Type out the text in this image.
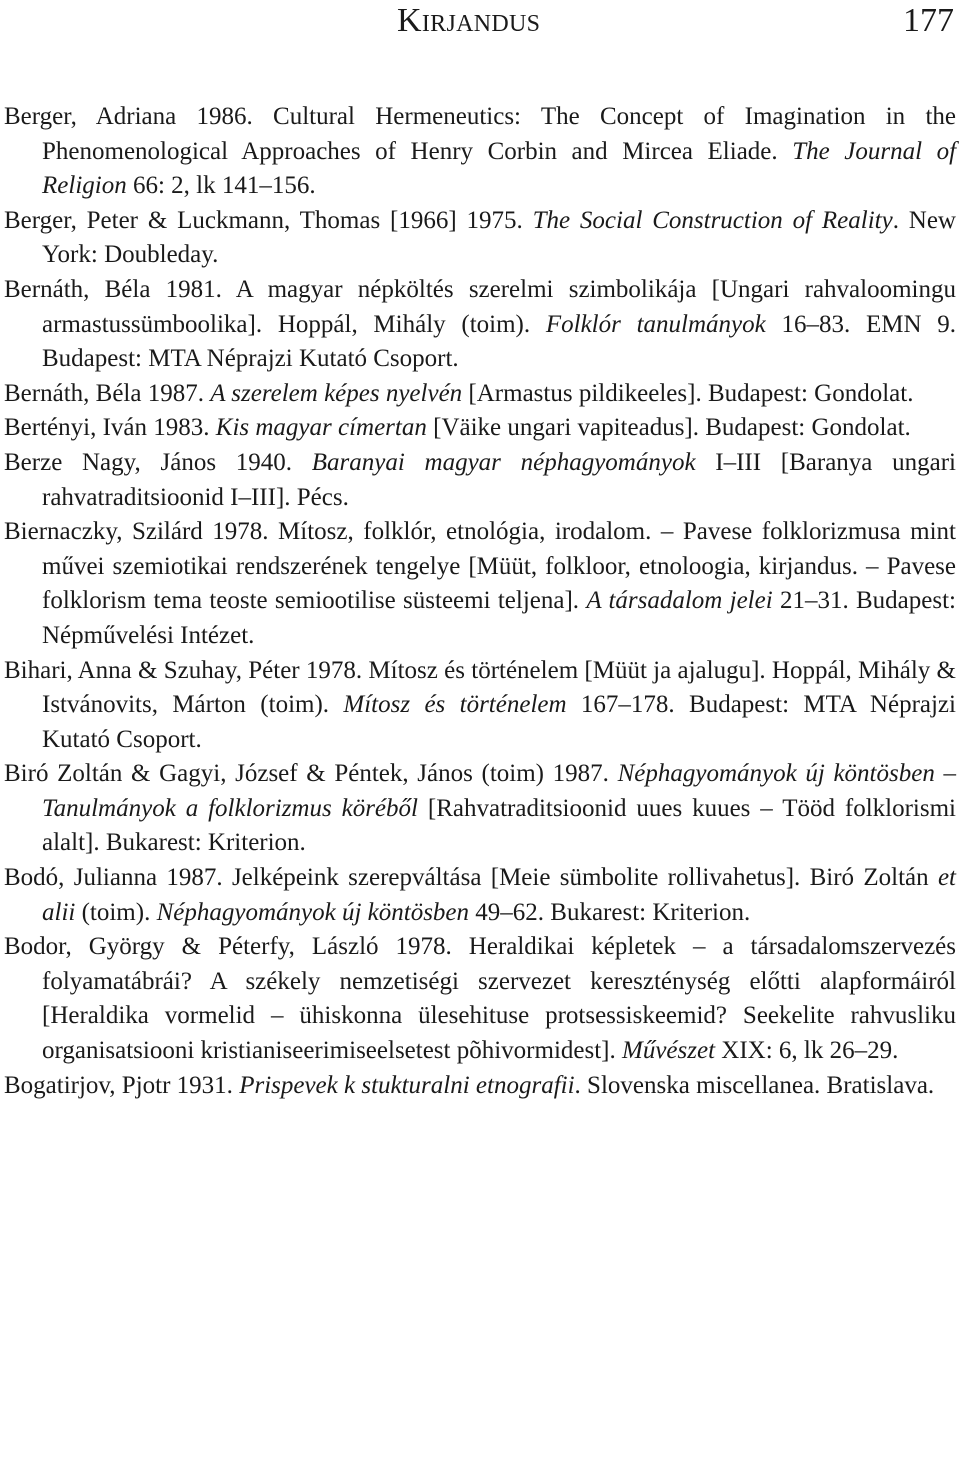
Kirjandus	177
Berger, Adriana 1986. Cultural Hermeneutics: The Concept of Imagination in the Phenomenological Approaches of Henry Corbin and Mircea Eliade. The Journal of Religion 66: 2, lk 141–156.
Berger, Peter & Luckmann, Thomas [1966] 1975. The Social Construction of Reality. New York: Doubleday.
Bernáth, Béla 1981. A magyar népköltés szerelmi szimbolikája [Ungari rahvaloomingu armastussümboolika]. Hoppál, Mihály (toim). Folklór tanulmányok 16–83. EMN 9. Budapest: MTA Néprajzi Kutató Csoport.
Bernáth, Béla 1987. A szerelem képes nyelvén [Armastus pildikeeles]. Budapest: Gondolat.
Bertényi, Iván 1983. Kis magyar címertan [Väike ungari vapiteadus]. Budapest: Gondolat.
Berze Nagy, János 1940. Baranyai magyar néphagyományok I–III [Baranya ungari rahvatraditsioonid I–III]. Pécs.
Biernaczky, Szilárd 1978. Mítosz, folklór, etnológia, irodalom. – Pavese folklorizmusa mint művei szemiotikai rendszerének tengelye [Müüt, folkloor, etnoloogia, kirjandus. – Pavese folklorism tema teoste semiootilise süsteemi teljena]. A társadalom jelei 21–31. Budapest: Népművelési Intézet.
Bihari, Anna & Szuhay, Péter 1978. Mítosz és történelem [Müüt ja ajalugu]. Hoppál, Mihály & Istvánovits, Márton (toim). Mítosz és történelem 167–178. Budapest: MTA Néprajzi Kutató Csoport.
Biró Zoltán & Gagyi, József & Péntek, János (toim) 1987. Néphagyományok új köntösben – Tanulmányok a folklorizmus köréből [Rahvatraditsioonid uues kuues – Tööd folklorismi alalt]. Bukarest: Kriterion.
Bodó, Julianna 1987. Jelképeink szerepváltása [Meie sümbolite rollivahetus]. Biró Zoltán et alii (toim). Néphagyományok új köntösben 49–62. Bukarest: Kriterion.
Bodor, György & Péterfy, László 1978. Heraldikai képletek – a társadalomszervezés folyamatábrái? A székely nemzetiségi szervezet kereszténység előtti alapformáiról [Heraldika vormelid – ühiskonna ülesehituse protsessiskeemid? Seekelite rahvusliku organisatsiooni kristianiseerimiseelsetest põhivormidest]. Művészet XIX: 6, lk 26–29.
Bogatirjov, Pjotr 1931. Prispevek k stukturalni etnografii. Slovenska miscellanea. Bratislava.
